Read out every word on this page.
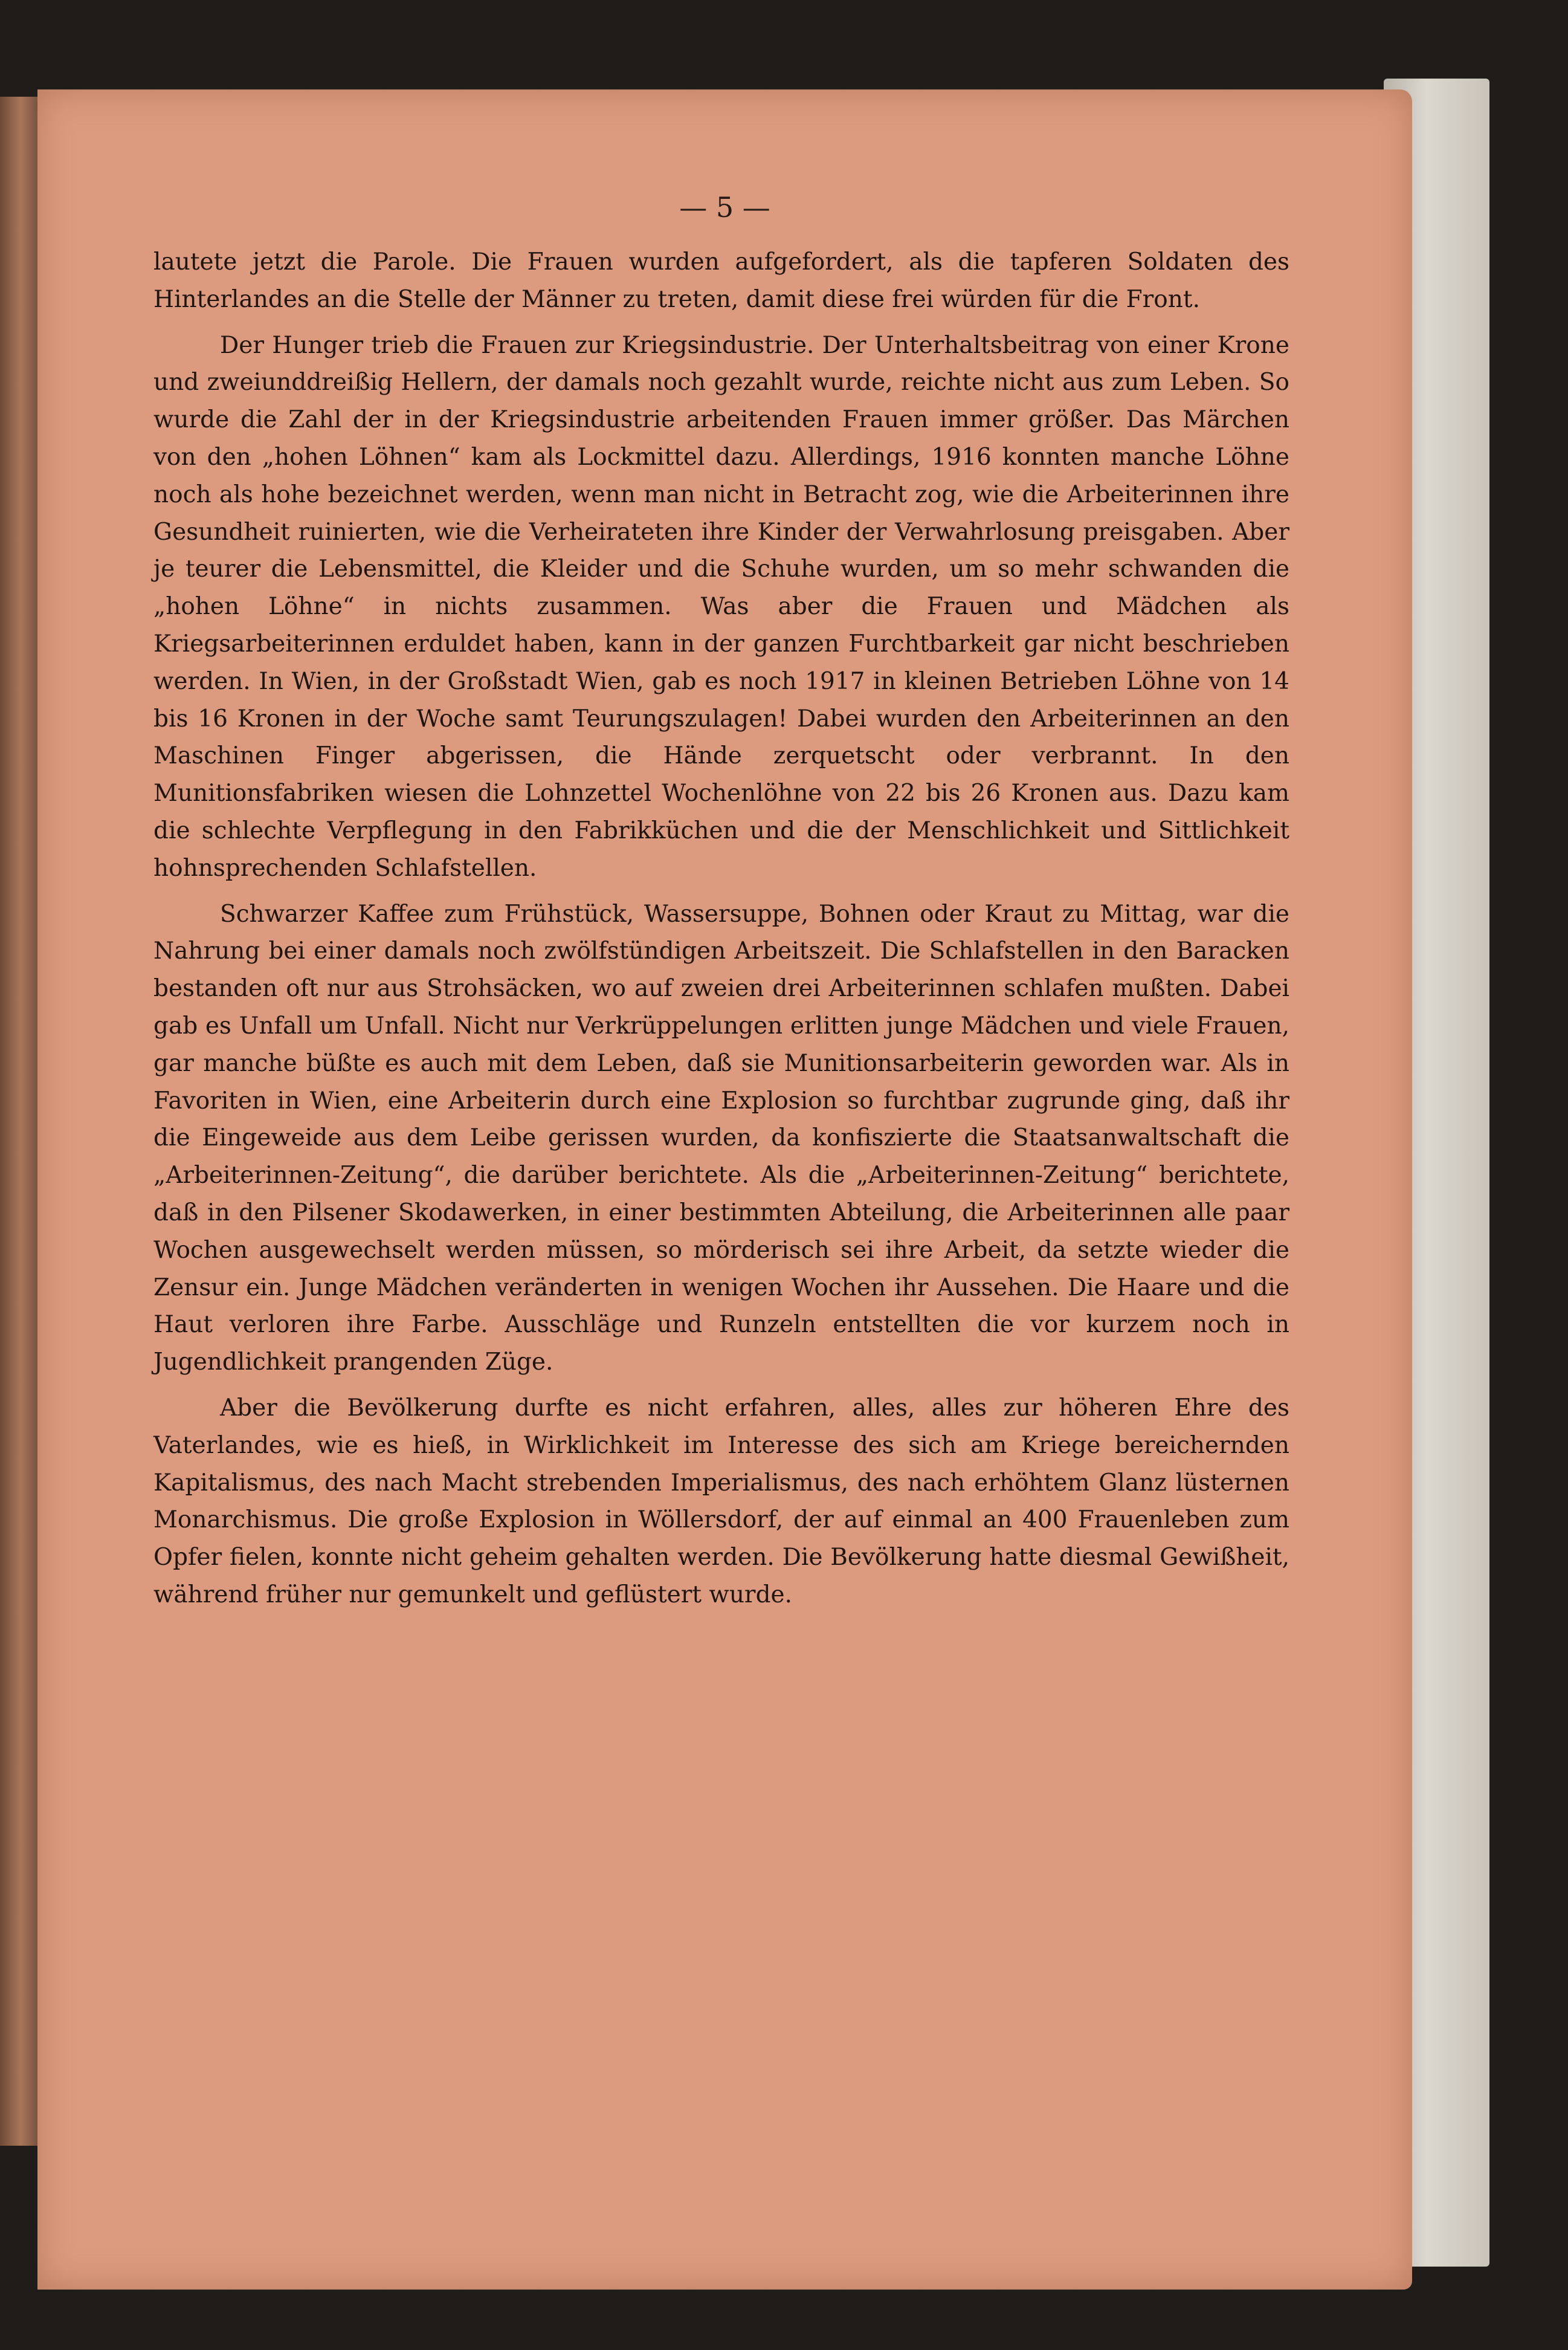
— 5 —

lautete jetzt die Parole. Die Frauen wurden aufgefordert, als die tapferen Soldaten des Hinterlandes an die Stelle der Männer zu treten, damit diese frei würden für die Front.

Der Hunger trieb die Frauen zur Kriegsindustrie. Der Unterhaltsbeitrag von einer Krone und zweiunddreißig Hellern, der damals noch gezahlt wurde, reichte nicht aus zum Leben. So wurde die Zahl der in der Kriegsindustrie arbeitenden Frauen immer größer. Das Märchen von den „hohen Löhnen“ kam als Lockmittel dazu. Allerdings, 1916 konnten manche Löhne noch als hohe bezeichnet werden, wenn man nicht in Betracht zog, wie die Arbeiterinnen ihre Gesundheit ruinierten, wie die Verheirateten ihre Kinder der Verwahrlosung preisgaben. Aber je teurer die Lebensmittel, die Kleider und die Schuhe wurden, um so mehr schwanden die „hohen Löhne“ in nichts zusammen. Was aber die Frauen und Mädchen als Kriegsarbeiterinnen erduldet haben, kann in der ganzen Furchtbarkeit gar nicht beschrieben werden. In Wien, in der Großstadt Wien, gab es noch 1917 in kleinen Betrieben Löhne von 14 bis 16 Kronen in der Woche samt Teurungszulagen! Dabei wurden den Arbeiterinnen an den Maschinen Finger abgerissen, die Hände zerquetscht oder verbrannt. In den Munitionsfabriken wiesen die Lohnzettel Wochenlöhne von 22 bis 26 Kronen aus. Dazu kam die schlechte Verpflegung in den Fabrikküchen und die der Menschlichkeit und Sittlichkeit hohnsprechenden Schlafstellen.

Schwarzer Kaffee zum Frühstück, Wassersuppe, Bohnen oder Kraut zu Mittag, war die Nahrung bei einer damals noch zwölfstündigen Arbeitszeit. Die Schlafstellen in den Baracken bestanden oft nur aus Strohsäcken, wo auf zweien drei Arbeiterinnen schlafen mußten. Dabei gab es Unfall um Unfall. Nicht nur Verkrüppelungen erlitten junge Mädchen und viele Frauen, gar manche büßte es auch mit dem Leben, daß sie Munitionsarbeiterin geworden war. Als in Favoriten in Wien, eine Arbeiterin durch eine Explosion so furchtbar zugrunde ging, daß ihr die Eingeweide aus dem Leibe gerissen wurden, da konfiszierte die Staatsanwaltschaft die „Arbeiterinnen-Zeitung“, die darüber berichtete. Als die „Arbeiterinnen-Zeitung“ berichtete, daß in den Pilsener Skodawerken, in einer bestimmten Abteilung, die Arbeiterinnen alle paar Wochen ausgewechselt werden müssen, so mörderisch sei ihre Arbeit, da setzte wieder die Zensur ein. Junge Mädchen veränderten in wenigen Wochen ihr Aussehen. Die Haare und die Haut verloren ihre Farbe. Ausschläge und Runzeln entstellten die vor kurzem noch in Jugendlichkeit prangenden Züge.

Aber die Bevölkerung durfte es nicht erfahren, alles, alles zur höheren Ehre des Vaterlandes, wie es hieß, in Wirklichkeit im Interesse des sich am Kriege bereichernden Kapitalismus, des nach Macht strebenden Imperialismus, des nach erhöhtem Glanz lüsternen Monarchismus. Die große Explosion in Wöllersdorf, der auf einmal an 400 Frauenleben zum Opfer fielen, konnte nicht geheim gehalten werden. Die Bevölkerung hatte diesmal Gewißheit, während früher nur gemunkelt und geflüstert wurde.
